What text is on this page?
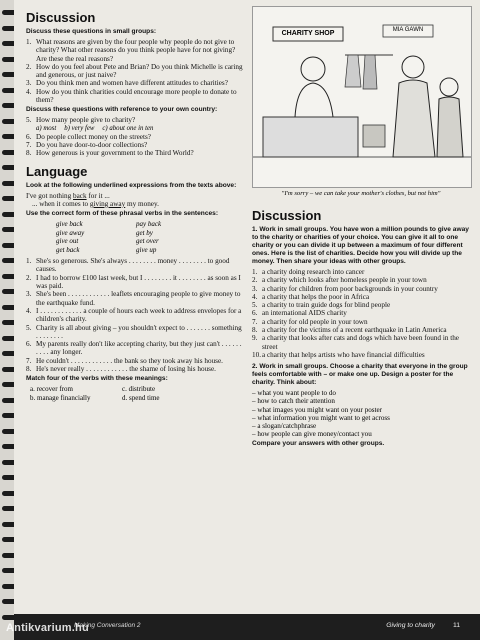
Discussion
Discuss these questions in small groups:
1. What reasons are given by the four people why people do not give to charity? What other reasons do you think people have for not giving? Are these the real reasons?
2. How do you feel about Pete and Brian? Do you think Michelle is caring and generous, or just naive?
3. Do you think men and women have different attitudes to charities?
4. How do you think charities could encourage more people to donate to them?
Discuss these questions with reference to your own country:
5. How many people give to charity?
a) most b) very few c) about one in ten
6. Do people collect money on the streets?
7. Do you have door-to-door collections?
8. How generous is your government to the Third World?
Language
Look at the following underlined expressions from the texts above:
I've got nothing back for it ...
... when it comes to giving away my money.
Use the correct form of these phrasal verbs in the sentences:
give back	pay back
give away	get by
give out	get over
get back	give up
1. She's so generous. She's always . . . . . . . . money . . . . . . . . to good causes.
2. I had to borrow £100 last week, but I . . . . . . . . it . . . . . . . . as soon as I was paid.
3. She's been . . . . . . . . . . . . leaflets encouraging people to give money to the earthquake fund.
4. I . . . . . . . . . . . . a couple of hours each week to address envelopes for a children's charity.
5. Charity is all about giving – you shouldn't expect to . . . . . . . something . . . . . . . .
6. My parents really don't like accepting charity, but they just can't . . . . . . . . . . any longer.
7. He couldn't . . . . . . . . . . . . the bank so they took away his house.
8. He's never really . . . . . . . . . . . . the shame of losing his house.
Match four of the verbs with these meanings:
a. recover from	c. distribute
b. manage financially	d. spend time
CHARITY SHOP	MIA GAWN
"I'm sorry – we can take your mother's clothes, but not him"
Discussion
1. Work in small groups. You have won a million pounds to give away to the charity or charities of your choice. You can give it all to one charity or you can divide it up between a maximum of four different ones. Here is the list of charities. Decide how you will divide up the money. Then share your ideas with other groups.
1. a charity doing research into cancer
2. a charity which looks after homeless people in your town
3. a charity for children from poor backgrounds in your country
4. a charity that helps the poor in Africa
5. a charity to train guide dogs for blind people
6. an international AIDS charity
7. a charity for old people in your town
8. a charity for the victims of a recent earthquake in Latin America
9. a charity that looks after cats and dogs which have been found in the street
10. a charity that helps artists who have financial difficulties
2. Work in small groups. Choose a charity that everyone in the group feels comfortable with – or make one up. Design a poster for the charity. Think about:
– what you want people to do
– how to catch their attention
– what images you might want on your poster
– what information you might want to get across
– a slogan/catchphrase
– how people can give money/contact you
Compare your answers with other groups.
Making Conversation 2	Giving to charity	11
Antikvarium.hu
